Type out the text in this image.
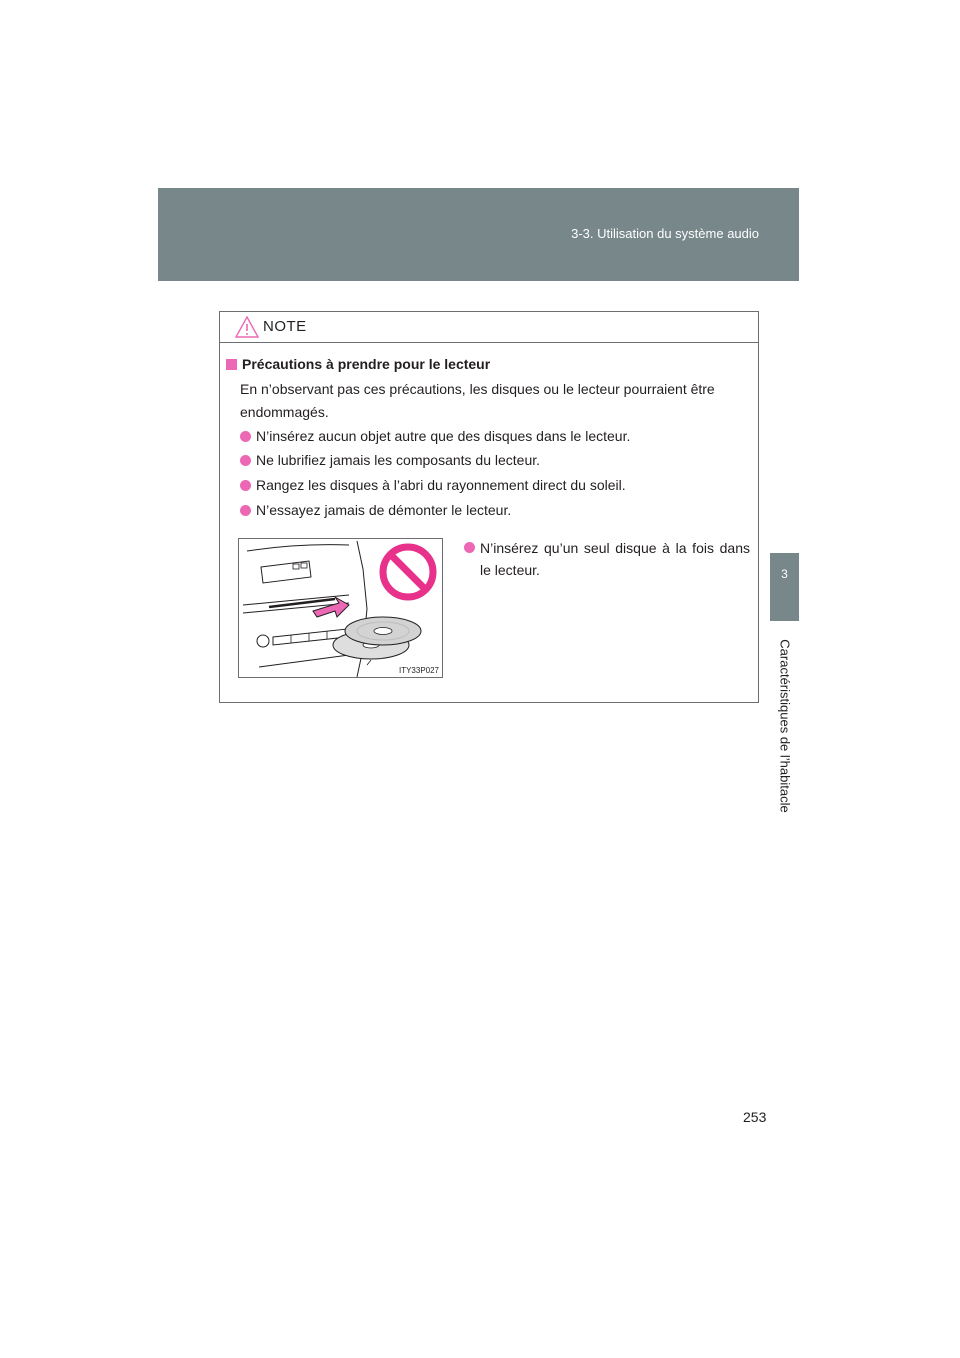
3-3. Utilisation du système audio
3
Caractéristiques de l’habitacle
NOTE
Précautions à prendre pour le lecteur
En n’observant pas ces précautions, les disques ou le lecteur pourraient être endommagés.
N’insérez aucun objet autre que des disques dans le lecteur.
Ne lubrifiez jamais les composants du lecteur.
Rangez les disques à l’abri du rayonnement direct du soleil.
N’essayez jamais de démonter le lecteur.
ITY33P027
N’insérez qu’un seul disque à la fois dans le lecteur.
253
